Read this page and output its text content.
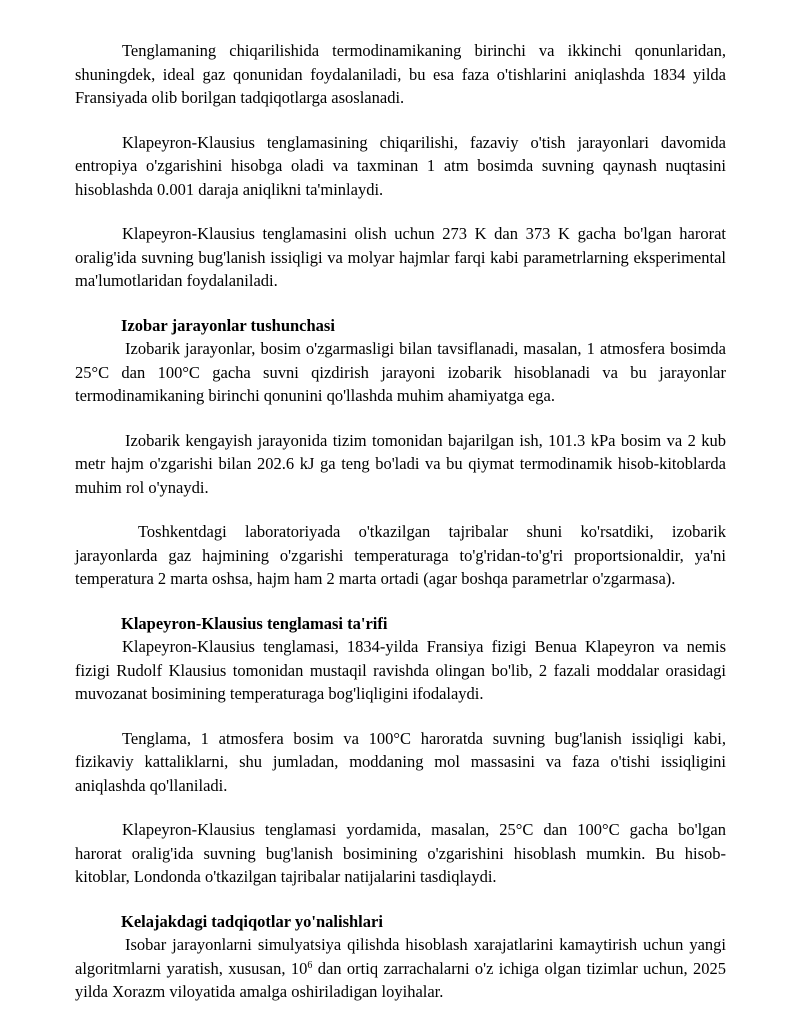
Tenglamaning chiqarilishida termodinamikaning birinchi va ikkinchi qonunlaridan, shuningdek, ideal gaz qonunidan foydalaniladi, bu esa faza o'tishlarini aniqlashda 1834 yilda Fransiyada olib borilgan tadqiqotlarga asoslanadi.

Klapeyron-Klausius tenglamasining chiqarilishi, fazaviy o'tish jarayonlari davomida entropiya o'zgarishini hisobga oladi va taxminan 1 atm bosimda suvning qaynash nuqtasini hisoblashda 0.001 daraja aniqlikni ta'minlaydi.

Klapeyron-Klausius tenglamasini olish uchun 273 K dan 373 K gacha bo'lgan harorat oralig'ida suvning bug'lanish issiqligi va molyar hajmlar farqi kabi parametrlarning eksperimental ma'lumotlaridan foydalaniladi.

Izobar jarayonlar tushunchasi

Izobarik jarayonlar, bosim o'zgarmasligi bilan tavsiflanadi, masalan, 1 atmosfera bosimda 25°C dan 100°C gacha suvni qizdirish jarayoni izobarik hisoblanadi va bu jarayonlar termodinamikaning birinchi qonunini qo'llashda muhim ahamiyatga ega.

Izobarik kengayish jarayonida tizim tomonidan bajarilgan ish, 101.3 kPa bosim va 2 kub metr hajm o'zgarishi bilan 202.6 kJ ga teng bo'ladi va bu qiymat termodinamik hisob-kitoblarda muhim rol o'ynaydi.

Toshkentdagi laboratoriyada o'tkazilgan tajribalar shuni ko'rsatdiki, izobarik jarayonlarda gaz hajmining o'zgarishi temperaturaga to'g'ridan-to'g'ri proportsionaldir, ya'ni temperatura 2 marta oshsa, hajm ham 2 marta ortadi (agar boshqa parametrlar o'zgarmasa).

Klapeyron-Klausius tenglamasi ta'rifi

Klapeyron-Klausius tenglamasi, 1834-yilda Fransiya fizigi Benua Klapeyron va nemis fizigi Rudolf Klausius tomonidan mustaqil ravishda olingan bo'lib, 2 fazali moddalar orasidagi muvozanat bosimining temperaturaga bog'liqligini ifodalaydi.

Tenglama, 1 atmosfera bosim va 100°C haroratda suvning bug'lanish issiqligi kabi, fizikaviy kattaliklarni, shu jumladan, moddaning mol massasini va faza o'tishi issiqligini aniqlashda qo'llaniladi.

Klapeyron-Klausius tenglamasi yordamida, masalan, 25°C dan 100°C gacha bo'lgan harorat oralig'ida suvning bug'lanish bosimining o'zgarishini hisoblash mumkin. Bu hisob-kitoblar, Londonda o'tkazilgan tajribalar natijalarini tasdiqlaydi.

Kelajakdagi tadqiqotlar yo'nalishlari

Isobar jarayonlarni simulyatsiya qilishda hisoblash xarajatlarini kamaytirish uchun yangi algoritmlarni yaratish, xususan, $10^6$ dan ortiq zarrachalarni o'z ichiga olgan tizimlar uchun, 2025 yilda Xorazm viloyatida amalga oshiriladigan loyihalar.
